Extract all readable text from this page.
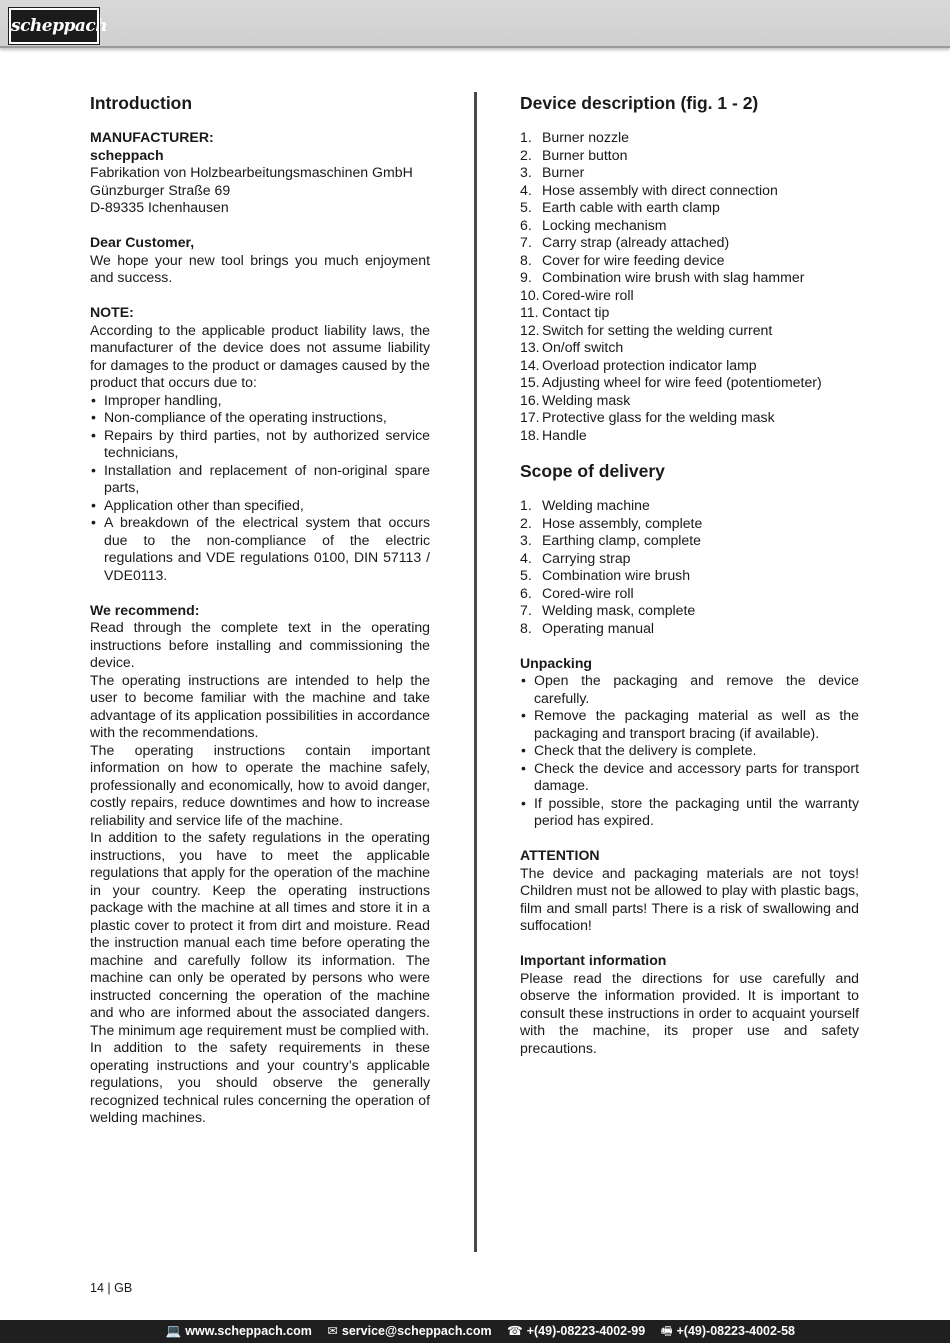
scheppach
Introduction
MANUFACTURER:
scheppach
Fabrikation von Holzbearbeitungsmaschinen GmbH
Günzburger Straße 69
D-89335 Ichenhausen
Dear Customer,

We hope your new tool brings you much enjoyment and success.

NOTE:

According to the applicable product liability laws, the manufacturer of the device does not assume liability for damages to the product or damages caused by the product that occurs due to:

• Improper handling,
• Non-compliance of the operating instructions,
• Repairs by third parties, not by authorized service technicians,
• Installation and replacement of non-original spare parts,
• Application other than specified,
• A breakdown of the electrical system that occurs due to the non-compliance of the electric regulations and VDE regulations 0100, DIN 57113 / VDE0113.
We recommend:

Read through the complete text in the operating instructions before installing and commissioning the device.

The operating instructions are intended to help the user to become familiar with the machine and take advantage of its application possibilities in accordance with the recommendations.

The operating instructions contain important information on how to operate the machine safely, professionally and economically, how to avoid danger, costly repairs, reduce downtimes and how to increase reliability and service life of the machine.

In addition to the safety regulations in the operating instructions, you have to meet the applicable regulations that apply for the operation of the machine in your country. Keep the operating instructions package with the machine at all times and store it in a plastic cover to protect it from dirt and moisture. Read the instruction manual each time before operating the machine and carefully follow its information. The machine can only be operated by persons who were instructed concerning the operation of the machine and who are informed about the associated dangers. The minimum age requirement must be complied with.

In addition to the safety requirements in these operating instructions and your country’s applicable regulations, you should observe the generally recognized technical rules concerning the operation of welding machines.

Device description (fig. 1 - 2)
1. Burner nozzle
2. Burner button
3. Burner
4. Hose assembly with direct connection
5. Earth cable with earth clamp
6. Locking mechanism
7. Carry strap (already attached)
8. Cover for wire feeding device
9. Combination wire brush with slag hammer
10. Cored-wire roll
11. Contact tip
12. Switch for setting the welding current
13. On/off switch
14. Overload protection indicator lamp
15. Adjusting wheel for wire feed (potentiometer)
16. Welding mask
17. Protective glass for the welding mask
18. Handle
Scope of delivery
1. Welding machine
2. Hose assembly, complete
3. Earthing clamp, complete
4. Carrying strap
5. Combination wire brush
6. Cored-wire roll
7. Welding mask, complete
8. Operating manual
Unpacking
• Open the packaging and remove the device carefully.
• Remove the packaging material as well as the packaging and transport bracing (if available).
• Check that the delivery is complete.
• Check the device and accessory parts for transport damage.
• If possible, store the packaging until the warranty period has expired.
ATTENTION

The device and packaging materials are not toys! Children must not be allowed to play with plastic bags, film and small parts! There is a risk of swallowing and suffocation!

Important information

Please read the directions for use carefully and observe the information provided. It is important to consult these instructions in order to acquaint yourself with the machine, its proper use and safety precautions.

14 | GB
💻 www.scheppach.com ✉ service@scheppach.com ☎ +(49)-08223-4002-99 🖷 +(49)-08223-4002-58
